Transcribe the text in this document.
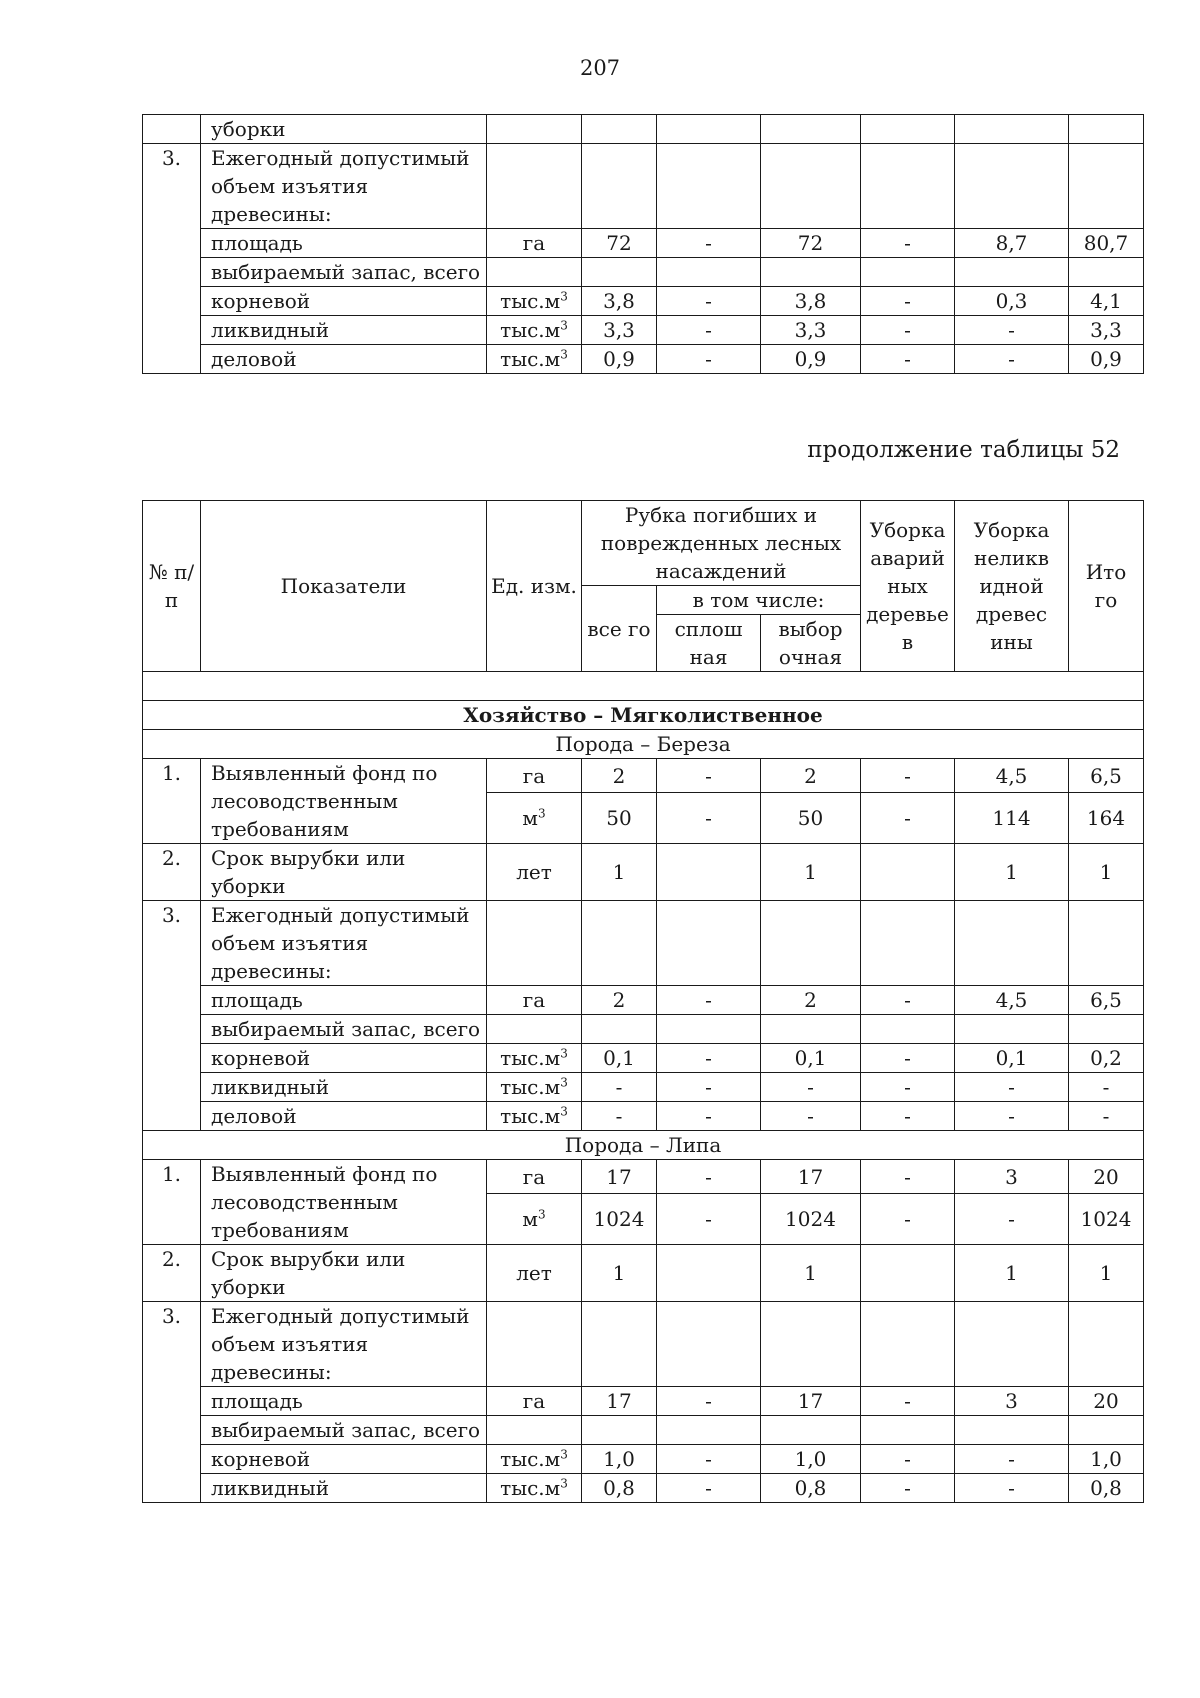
207
	уборки							
3.	Ежегодный допустимый объем изъятия древесины:							
	площадь	га	72	-	72	-	8,7	80,7
	выбираемый запас, всего							
	корневой	$тыс.м^3$	3,8	-	3,8	-	0,3	4,1
	ликвидный	$тыс.м^3$	3,3	-	3,3	-	-	3,3
	деловой	$тыс.м^3$	0,9	-	0,9	-	-	0,9
продолжение таблицы 52
№ п/п	Показатели	Ед. изм.	Рубка погибших и поврежденных лесных насаждений			Уборка аварий ных деревье в	Уборка неликв идной древес ины	Ито го
			все го	в том числе:				
				сплош ная	выбор очная			

Хозяйство – Мягколиственное								
Порода – Береза								
1.	Выявленный фонд по лесоводственным требованиям	га	2	-	2	-	4,5	6,5
		$м^3$	50	-	50	-	114	164
2.	Срок вырубки или уборки	лет	1		1		1	1
3.	Ежегодный допустимый объем изъятия древесины:							
	площадь	га	2	-	2	-	4,5	6,5
	выбираемый запас, всего							
	корневой	$тыс.м^3$	0,1	-	0,1	-	0,1	0,2
	ликвидный	$тыс.м^3$	-	-	-	-	-	-
	деловой	$тыс.м^3$	-	-	-	-	-	-
Порода – Липа								
1.	Выявленный фонд по лесоводственным требованиям	га	17	-	17	-	3	20
		$м^3$	1024	-	1024	-	-	1024
2.	Срок вырубки или уборки	лет	1		1		1	1
3.	Ежегодный допустимый объем изъятия древесины:							
	площадь	га	17	-	17	-	3	20
	выбираемый запас, всего							
	корневой	$тыс.м^3$	1,0	-	1,0	-	-	1,0
	ликвидный	$тыс.м^3$	0,8	-	0,8	-	-	0,8
